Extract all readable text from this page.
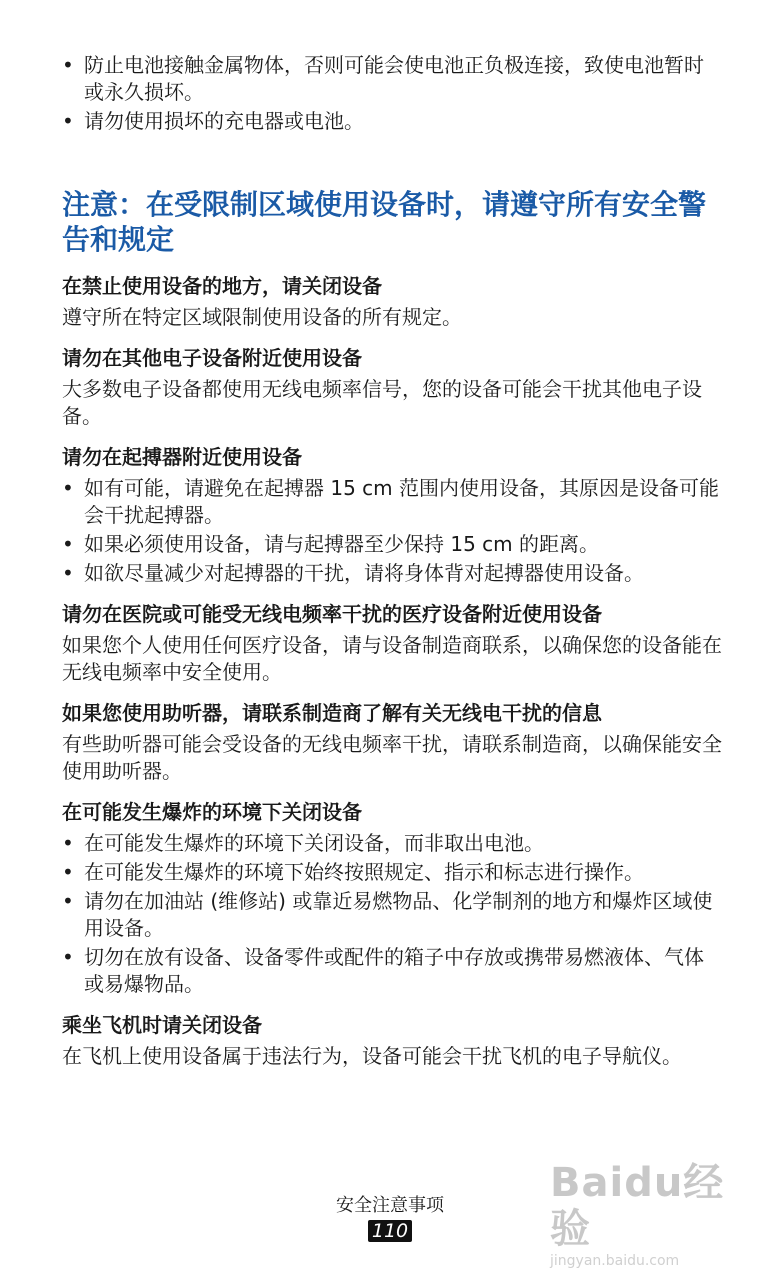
• 防止电池接触金属物体，否则可能会使电池正负极连接，致使电池暂时或永久损坏。
• 请勿使用损坏的充电器或电池。
注意：在受限制区域使用设备时，请遵守所有安全警告和规定
在禁止使用设备的地方，请关闭设备

遵守所在特定区域限制使用设备的所有规定。

请勿在其他电子设备附近使用设备

大多数电子设备都使用无线电频率信号，您的设备可能会干扰其他电子设备。

请勿在起搏器附近使用设备
• 如有可能，请避免在起搏器 15 cm 范围内使用设备，其原因是设备可能会干扰起搏器。
• 如果必须使用设备，请与起搏器至少保持 15 cm 的距离。
• 如欲尽量减少对起搏器的干扰，请将身体背对起搏器使用设备。
请勿在医院或可能受无线电频率干扰的医疗设备附近使用设备

如果您个人使用任何医疗设备，请与设备制造商联系，以确保您的设备能在无线电频率中安全使用。

如果您使用助听器，请联系制造商了解有关无线电干扰的信息

有些助听器可能会受设备的无线电频率干扰，请联系制造商，以确保能安全使用助听器。

在可能发生爆炸的环境下关闭设备
• 在可能发生爆炸的环境下关闭设备，而非取出电池。
• 在可能发生爆炸的环境下始终按照规定、指示和标志进行操作。
• 请勿在加油站 (维修站) 或靠近易燃物品、化学制剂的地方和爆炸区域使用设备。
• 切勿在放有设备、设备零件或配件的箱子中存放或携带易燃液体、气体或易爆物品。
乘坐飞机时请关闭设备

在飞机上使用设备属于违法行为，设备可能会干扰飞机的电子导航仪。

安全注意事项
110
Baidu经验
jingyan.baidu.com
